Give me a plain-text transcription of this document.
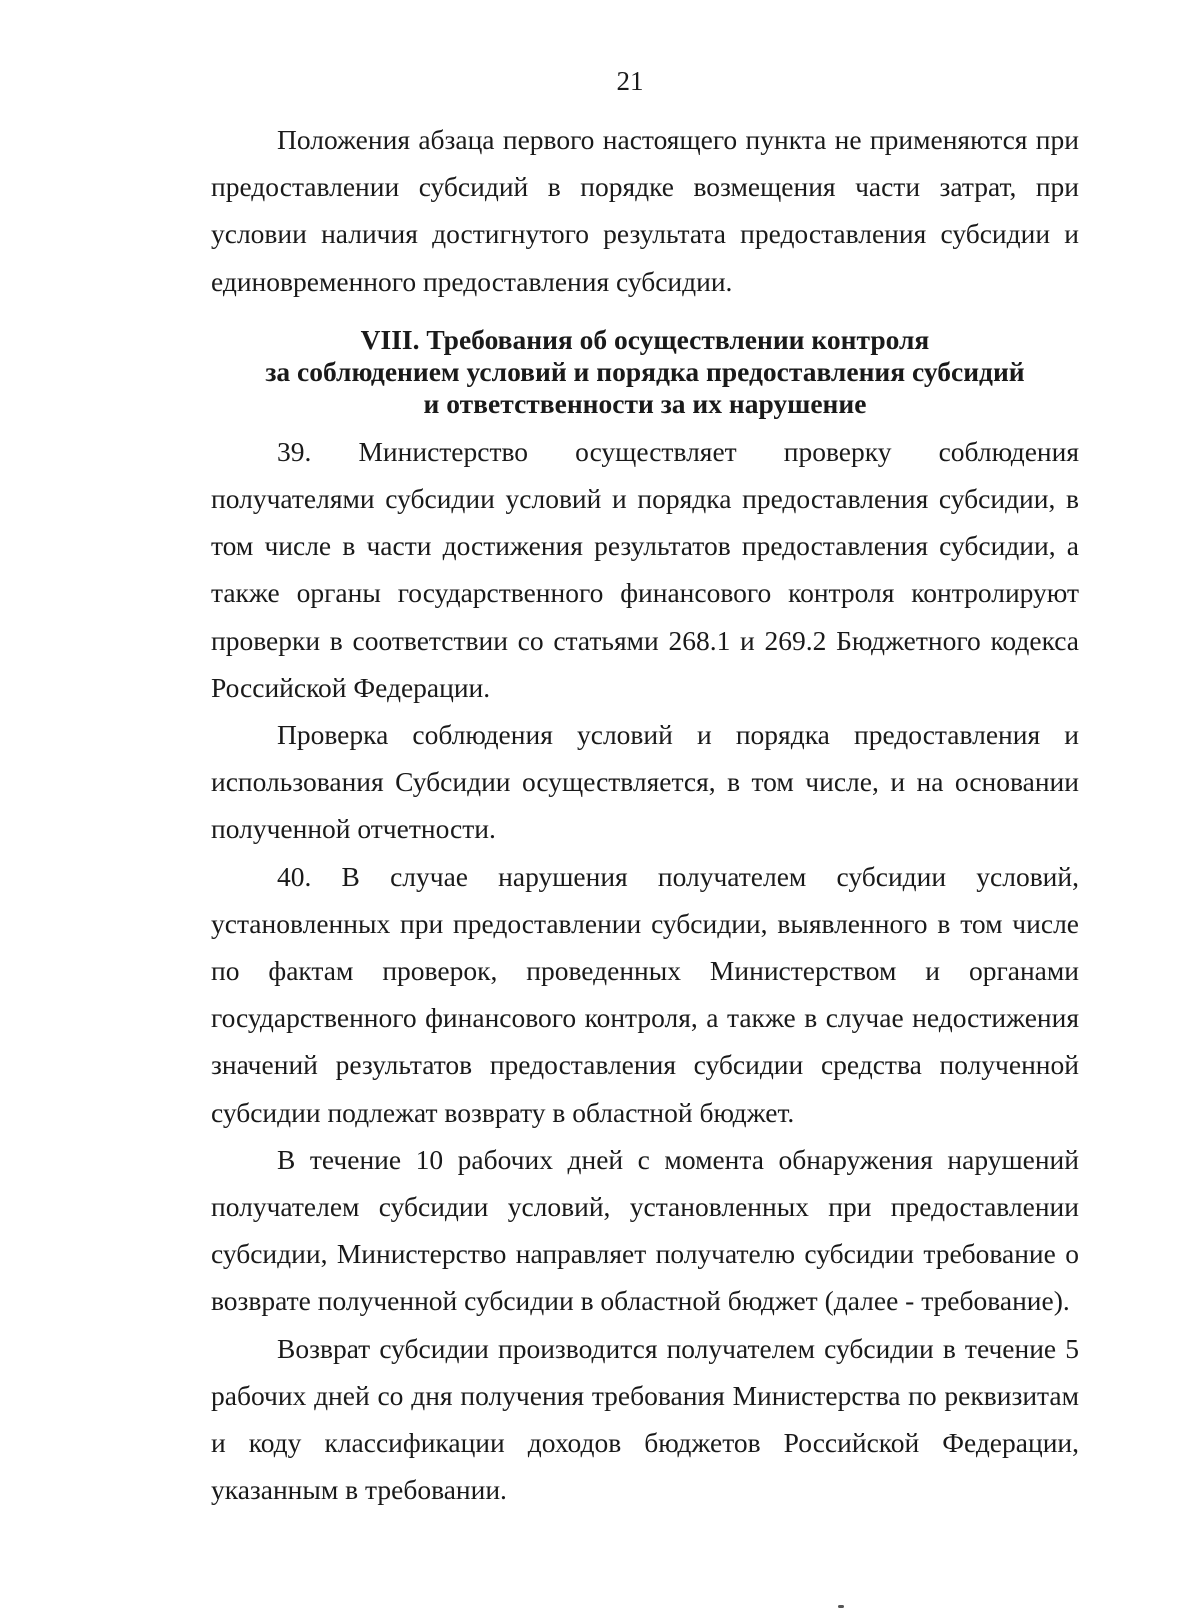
21

Положения абзаца первого настоящего пункта не применяются при предоставлении субсидий в порядке возмещения части затрат, при условии наличия достигнутого результата предоставления субсидии и единовременного предоставления субсидии.

VIII. Требования об осуществлении контроля
за соблюдением условий и порядка предоставления субсидий
и ответственности за их нарушение

39. Министерство осуществляет проверку соблюдения получателями субсидии условий и порядка предоставления субсидии, в том числе в части достижения результатов предоставления субсидии, а также органы государственного финансового контроля контролируют проверки в соответствии со статьями 268.1 и 269.2 Бюджетного кодекса Российской Федерации.

Проверка соблюдения условий и порядка предоставления и использования Субсидии осуществляется, в том числе, и на основании полученной отчетности.

40. В случае нарушения получателем субсидии условий, установленных при предоставлении субсидии, выявленного в том числе по фактам проверок, проведенных Министерством и органами государственного финансового контроля, а также в случае недостижения значений результатов предоставления субсидии средства полученной субсидии подлежат возврату в областной бюджет.

В течение 10 рабочих дней с момента обнаружения нарушений получателем субсидии условий, установленных при предоставлении субсидии, Министерство направляет получателю субсидии требование о возврате полученной субсидии в областной бюджет (далее - требование).

Возврат субсидии производится получателем субсидии в течение 5 рабочих дней со дня получения требования Министерства по реквизитам и коду классификации доходов бюджетов Российской Федерации, указанным в требовании.
